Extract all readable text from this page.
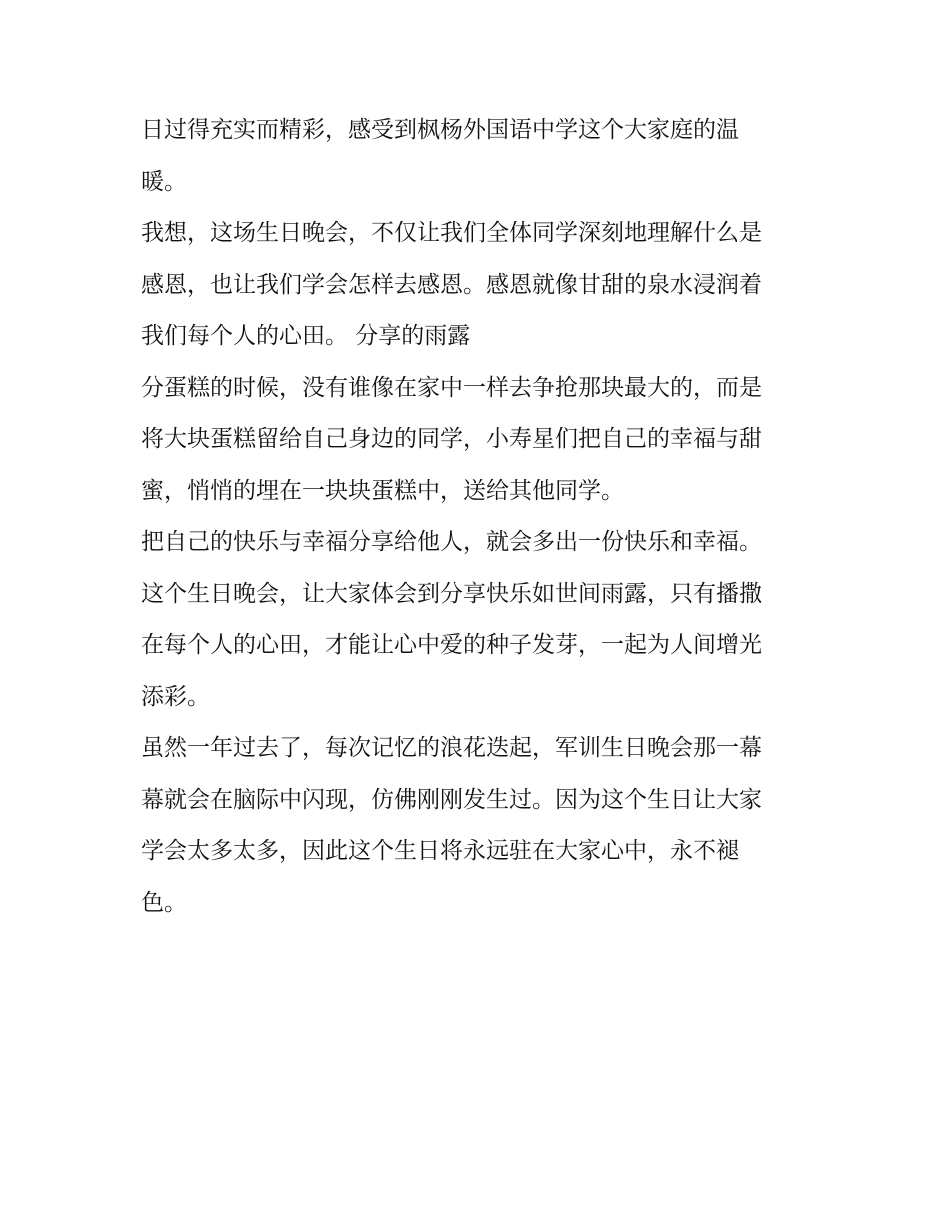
日过得充实而精彩，感受到枫杨外国语中学这个大家庭的温
暖。
我想，这场生日晚会，不仅让我们全体同学深刻地理解什么是
感恩，也让我们学会怎样去感恩。感恩就像甘甜的泉水浸润着
我们每个人的心田。 分享的雨露
分蛋糕的时候，没有谁像在家中一样去争抢那块最大的，而是
将大块蛋糕留给自己身边的同学，小寿星们把自己的幸福与甜
蜜，悄悄的埋在一块块蛋糕中，送给其他同学。
把自己的快乐与幸福分享给他人，就会多出一份快乐和幸福。
这个生日晚会，让大家体会到分享快乐如世间雨露，只有播撒
在每个人的心田，才能让心中爱的种子发芽，一起为人间增光
添彩。
虽然一年过去了，每次记忆的浪花迭起，军训生日晚会那一幕
幕就会在脑际中闪现，仿佛刚刚发生过。因为这个生日让大家
学会太多太多，因此这个生日将永远驻在大家心中，永不褪
色。
